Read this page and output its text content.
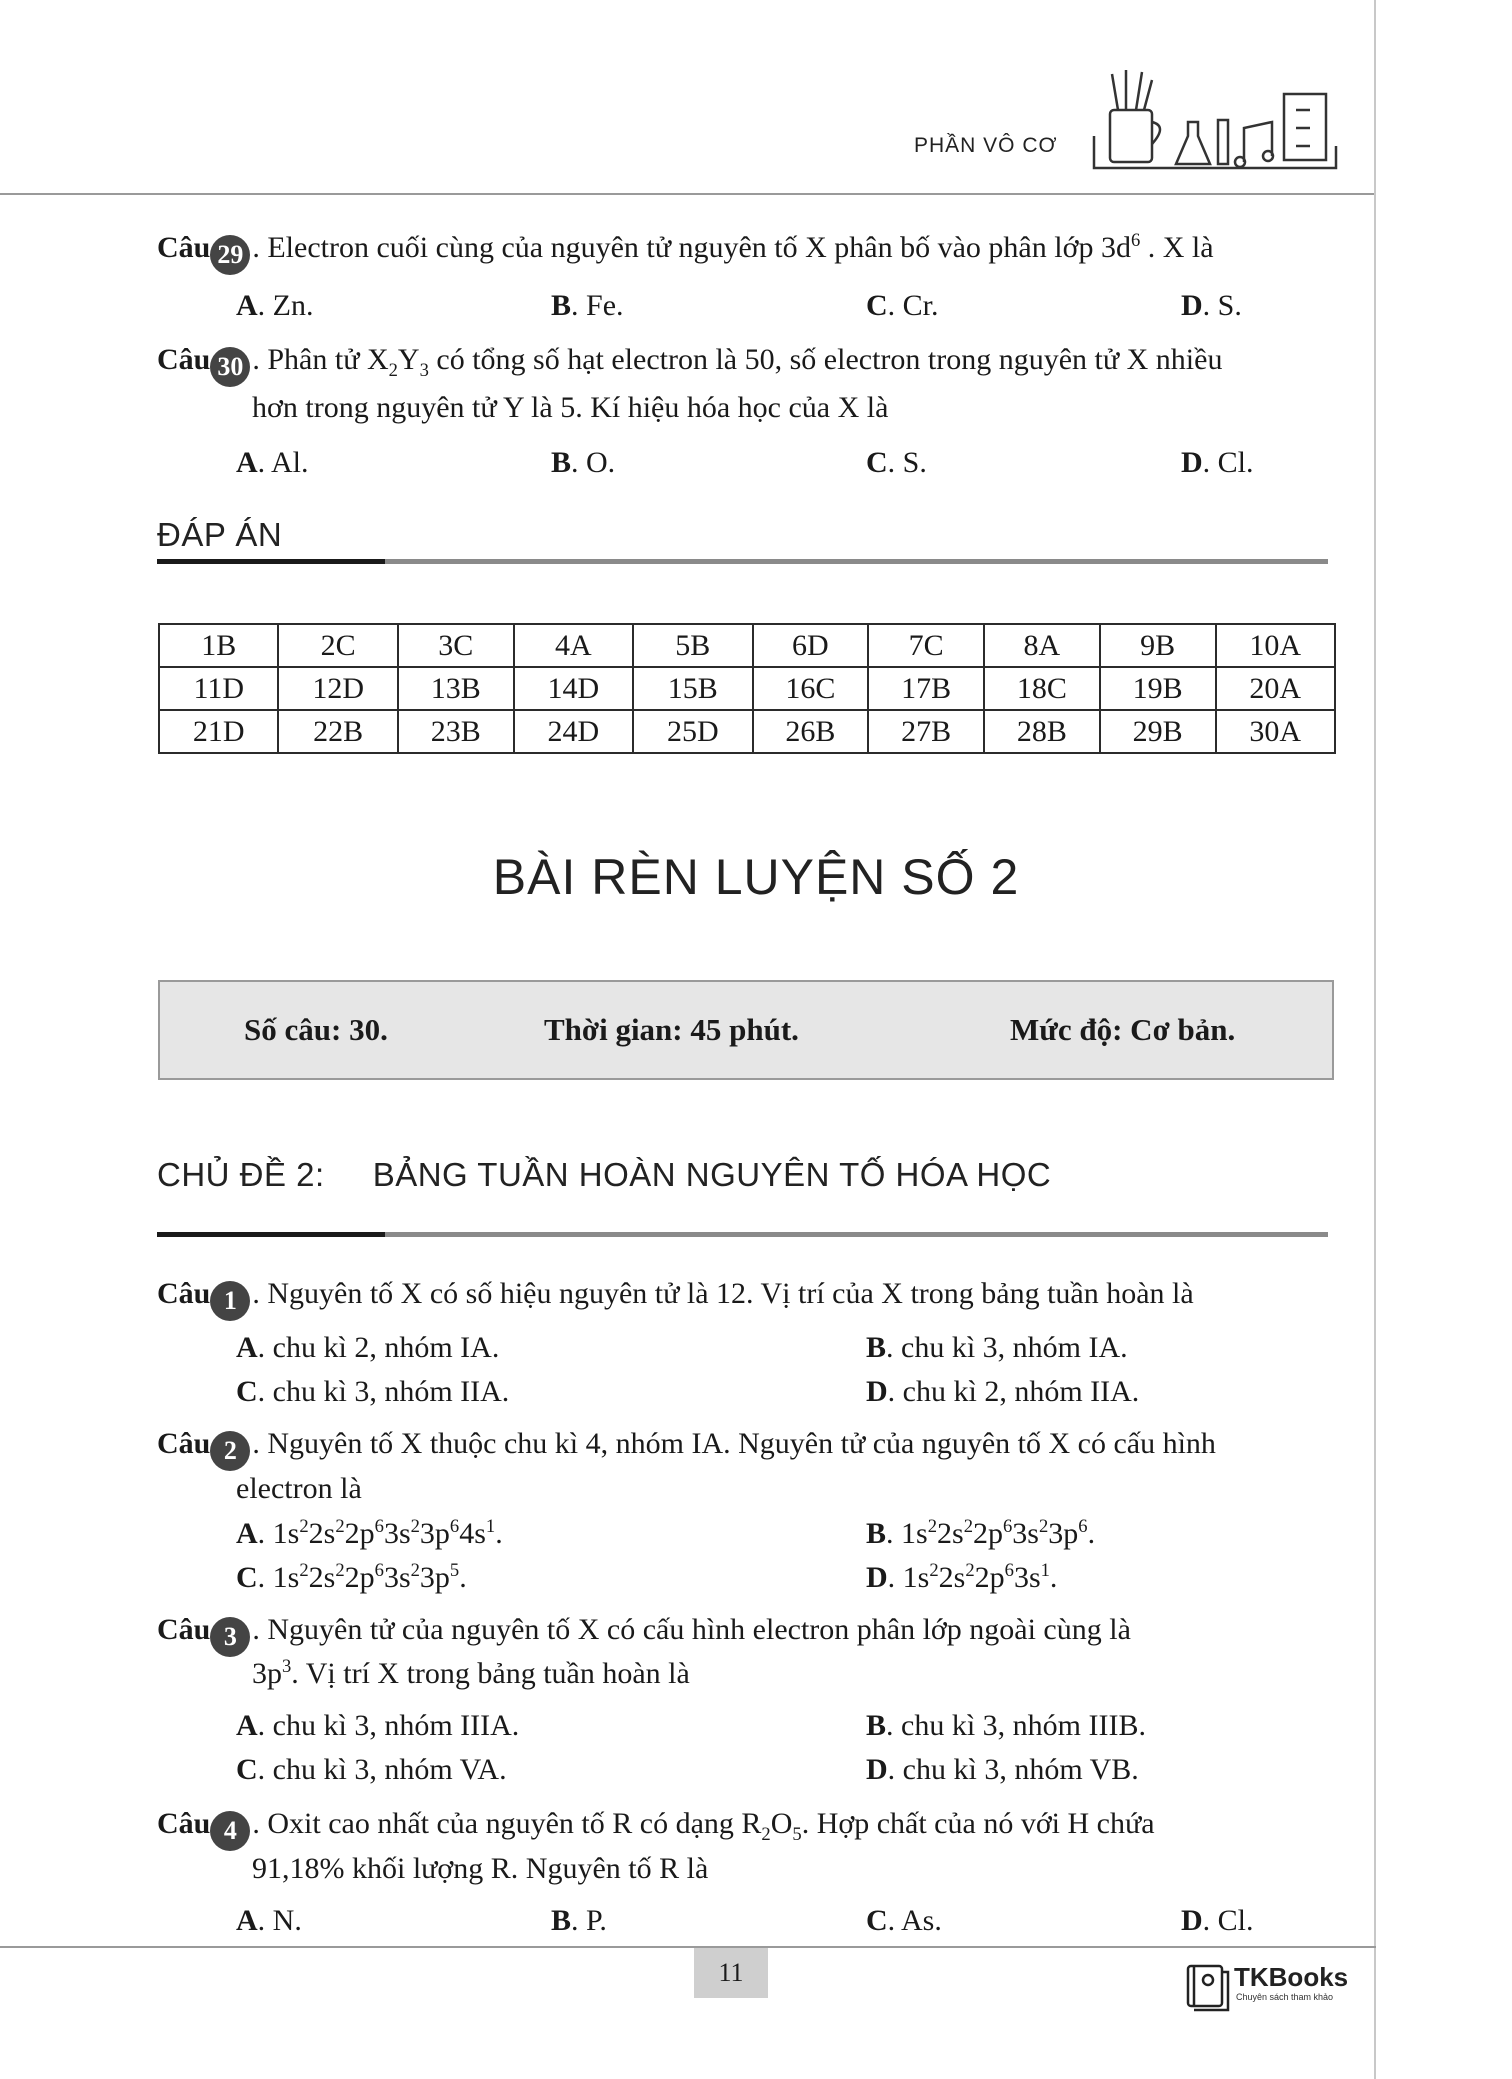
PHẦN VÔ CƠ
Câu 29 . Electron cuối cùng của nguyên tử nguyên tố X phân bố vào phân lớp $3d^6$ . X là
A. Zn.	B. Fe.	C. Cr.	D. S.
Câu 30 . Phân tử $X_2Y_3$ có tổng số hạt electron là 50, số electron trong nguyên tử X nhiều
hơn trong nguyên tử Y là 5. Kí hiệu hóa học của X là
A. Al.	B. O.	C. S.	D. Cl.
ĐÁP ÁN
1B	2C	3C	4A	5B	6D	7C	8A	9B	10A
11D	12D	13B	14D	15B	16C	17B	18C	19B	20A
21D	22B	23B	24D	25D	26B	27B	28B	29B	30A
BÀI RÈN LUYỆN SỐ 2
Số câu: 30.	Thời gian: 45 phút.	Mức độ: Cơ bản.
CHỦ ĐỀ 2: BẢNG TUẦN HOÀN NGUYÊN TỐ HÓA HỌC
Câu 1 . Nguyên tố X có số hiệu nguyên tử là 12. Vị trí của X trong bảng tuần hoàn là
A. chu kì 2, nhóm IA.	B. chu kì 3, nhóm IA.
C. chu kì 3, nhóm IIA.	D. chu kì 2, nhóm IIA.
Câu 2 . Nguyên tố X thuộc chu kì 4, nhóm IA. Nguyên tử của nguyên tố X có cấu hình
electron là
A. $1s^22s^22p^63s^23p^64s^1$.	B. $1s^22s^22p^63s^23p^6$.
C. $1s^22s^22p^63s^23p^5$.	D. $1s^22s^22p^63s^1$.
Câu 3 . Nguyên tử của nguyên tố X có cấu hình electron phân lớp ngoài cùng là
$3p^3$. Vị trí X trong bảng tuần hoàn là
A. chu kì 3, nhóm IIIA.	B. chu kì 3, nhóm IIIB.
C. chu kì 3, nhóm VA.	D. chu kì 3, nhóm VB.
Câu 4 . Oxit cao nhất của nguyên tố R có dạng $R_2O_5$. Hợp chất của nó với H chứa
91,18% khối lượng R. Nguyên tố R là
A. N.	B. P.	C. As.	D. Cl.
11	TKBooks
Chuyên sách tham khảo
